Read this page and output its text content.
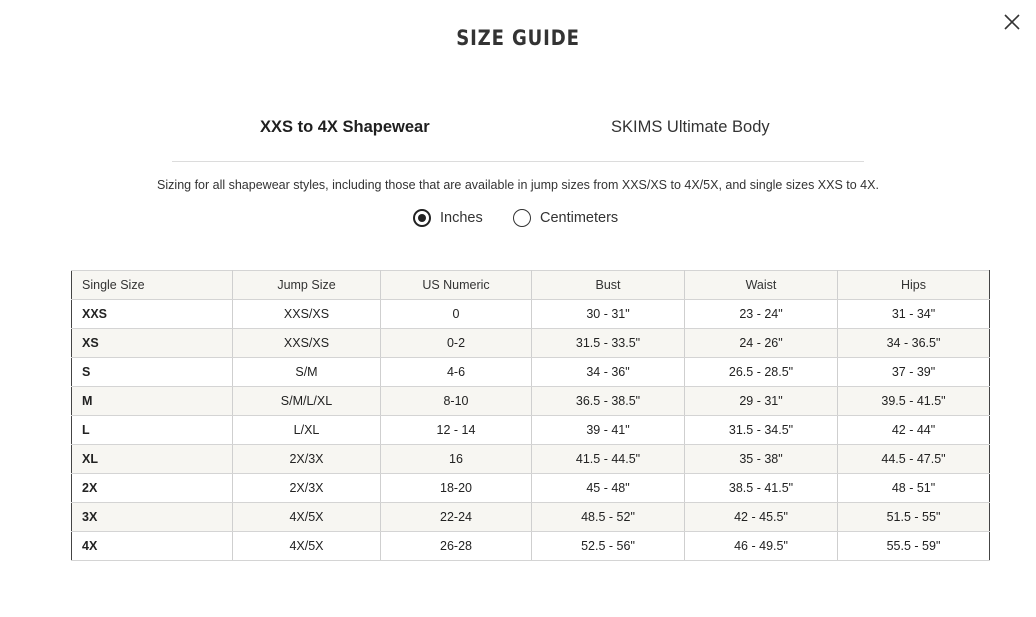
SIZE GUIDE
XXS to 4X Shapewear	SKIMS Ultimate Body
Sizing for all shapewear styles, including those that are available in jump sizes from XXS/XS to 4X/5X, and single sizes XXS to 4X.
Inches	Centimeters
Single Size	Jump Size	US Numeric	Bust	Waist	Hips
XXS	XXS/XS	0	30 - 31"	23 - 24"	31 - 34"
XS	XXS/XS	0-2	31.5 - 33.5"	24 - 26"	34 - 36.5"
S	S/M	4-6	34 - 36"	26.5 - 28.5"	37 - 39"
M	S/M/L/XL	8-10	36.5 - 38.5"	29 - 31"	39.5 - 41.5"
L	L/XL	12 - 14	39 - 41"	31.5 - 34.5"	42 - 44"
XL	2X/3X	16	41.5 - 44.5"	35 - 38"	44.5 - 47.5"
2X	2X/3X	18-20	45 - 48"	38.5 - 41.5"	48 - 51"
3X	4X/5X	22-24	48.5 - 52"	42 - 45.5"	51.5 - 55"
4X	4X/5X	26-28	52.5 - 56"	46 - 49.5"	55.5 - 59"
